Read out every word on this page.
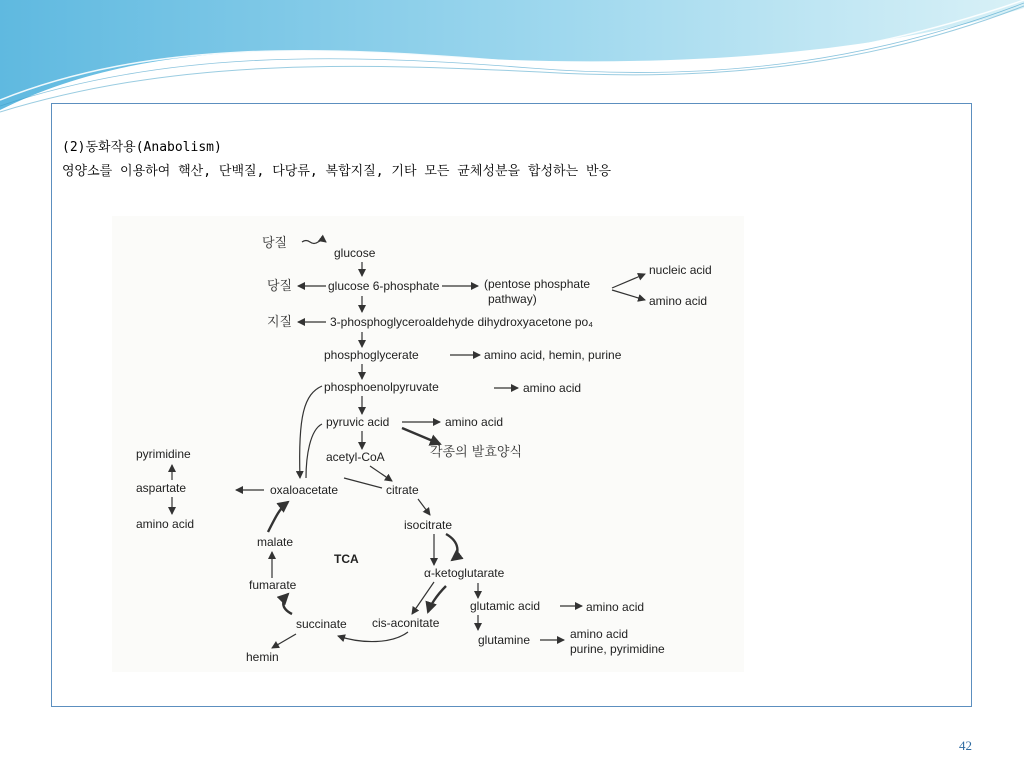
(2)동화작용(Anabolism)
영양소를 이용하여 핵산, 단백질, 다당류, 복합지질, 기타 모든 균체성분을 합성하는 반응
당질
당질
지질
glucose
glucose 6-phosphate
3-phosphoglyceroaldehyde dihydroxyacetone po₄
phosphoglycerate
phosphoenolpyruvate
pyruvic acid
acetyl-CoA
(pentose phosphate
pathway)
nucleic acid
amino acid
amino acid, hemin, purine
amino acid
amino acid
각종의 발효양식
oxaloacetate	citrate
isocitrate
α-ketoglutarate
cis-aconitate
succinate
fumarate
malate
TCA
pyrimidine
aspartate
amino acid
glutamic acid	amino acid
glutamine	amino acid
purine, pyrimidine
hemin
42
